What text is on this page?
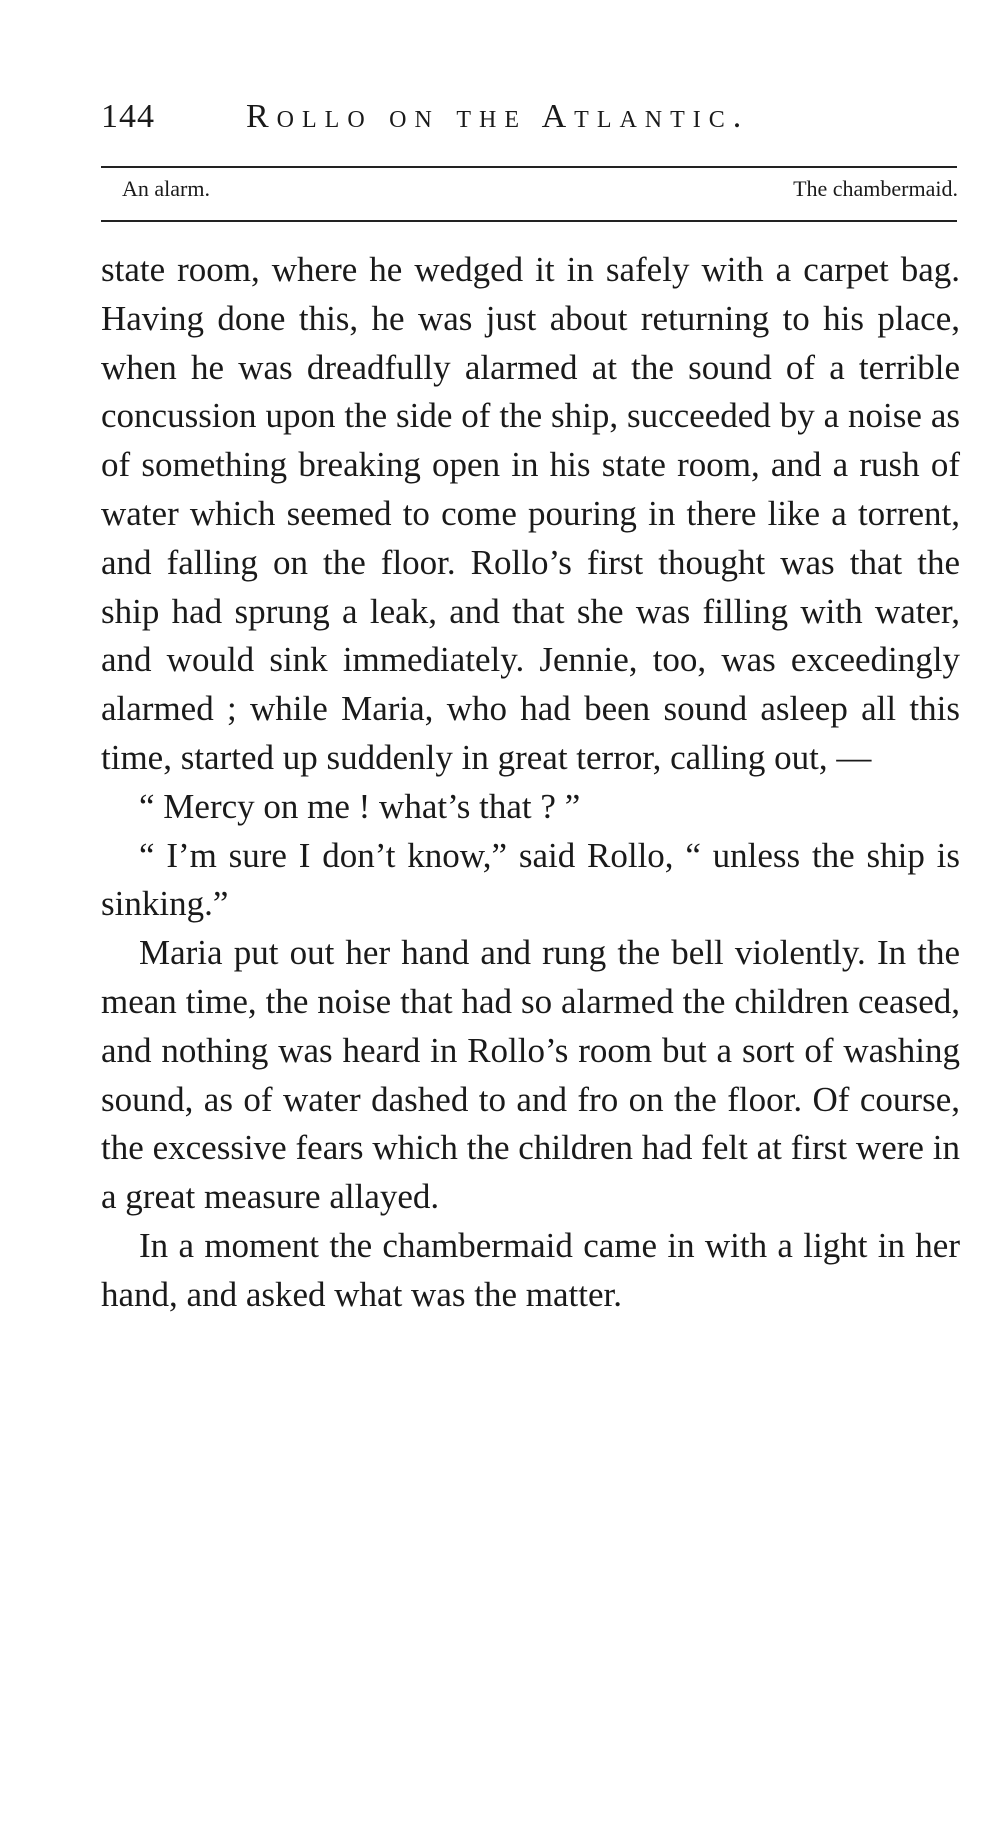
144	Rollo on the Atlantic.
An alarm.	The chambermaid.

state room, where he wedged it in safely with a carpet bag. Having done this, he was just about returning to his place, when he was dreadfully alarmed at the sound of a terrible concussion upon the side of the ship, succeeded by a noise as of something breaking open in his state room, and a rush of water which seemed to come pouring in there like a torrent, and falling on the floor. Rollo’s first thought was that the ship had sprung a leak, and that she was filling with water, and would sink immediately. Jennie, too, was exceedingly alarmed ; while Maria, who had been sound asleep all this time, started up suddenly in great terror, calling out, —

“ Mercy on me ! what’s that ? ”

“ I’m sure I don’t know,” said Rollo, “ unless the ship is sinking.”

Maria put out her hand and rung the bell violently. In the mean time, the noise that had so alarmed the children ceased, and nothing was heard in Rollo’s room but a sort of washing sound, as of water dashed to and fro on the floor. Of course, the excessive fears which the children had felt at first were in a great measure allayed.

In a moment the chambermaid came in with a light in her hand, and asked what was the matter.
